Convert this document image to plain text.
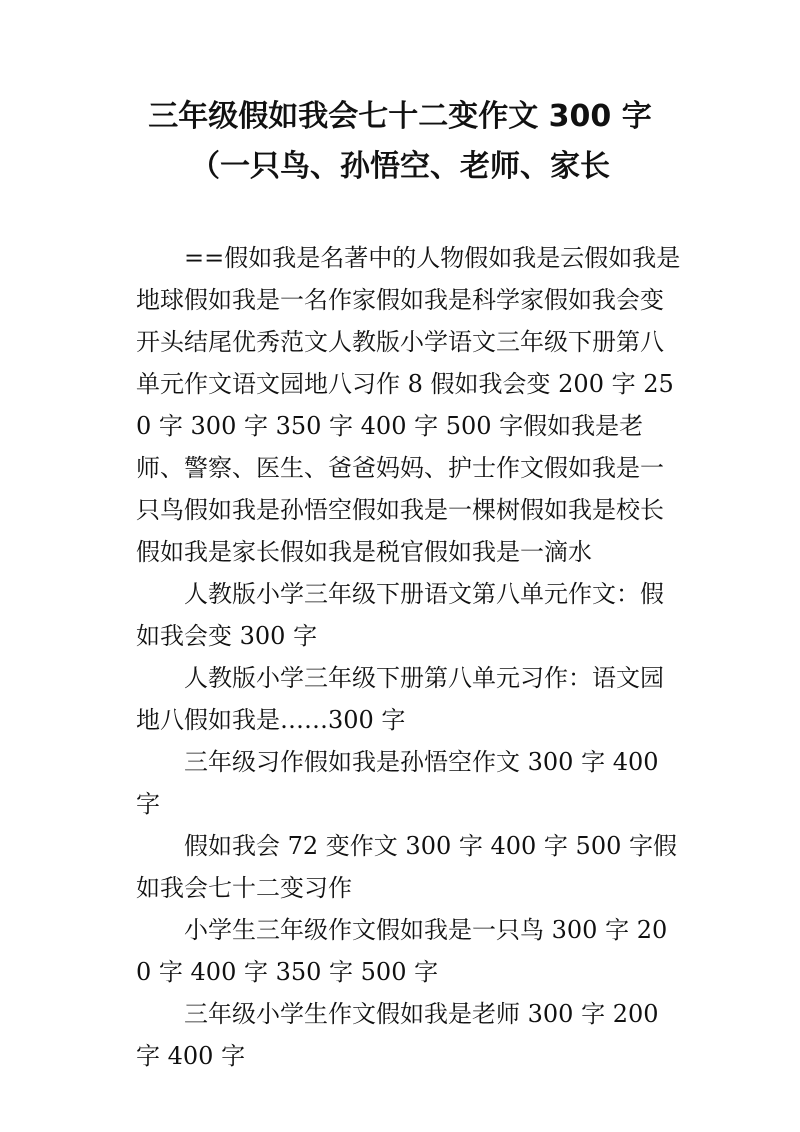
三年级假如我会七十二变作文 300 字
（一只鸟、孙悟空、老师、家长

==假如我是名著中的人物假如我是云假如我是地球假如我是一名作家假如我是科学家假如我会变开头结尾优秀范文人教版小学语文三年级下册第八单元作文语文园地八习作 8 假如我会变 200 字 250 字 300 字 350 字 400 字 500 字假如我是老师、警察、医生、爸爸妈妈、护士作文假如我是一只鸟假如我是孙悟空假如我是一棵树假如我是校长假如我是家长假如我是税官假如我是一滴水

人教版小学三年级下册语文第八单元作文：假如我会变 300 字

人教版小学三年级下册第八单元习作：语文园地八假如我是……300 字

三年级习作假如我是孙悟空作文 300 字 400 字

假如我会 72 变作文 300 字 400 字 500 字假如我会七十二变习作

小学生三年级作文假如我是一只鸟 300 字 200 字 400 字 350 字 500 字

三年级小学生作文假如我是老师 300 字 200 字 400 字
